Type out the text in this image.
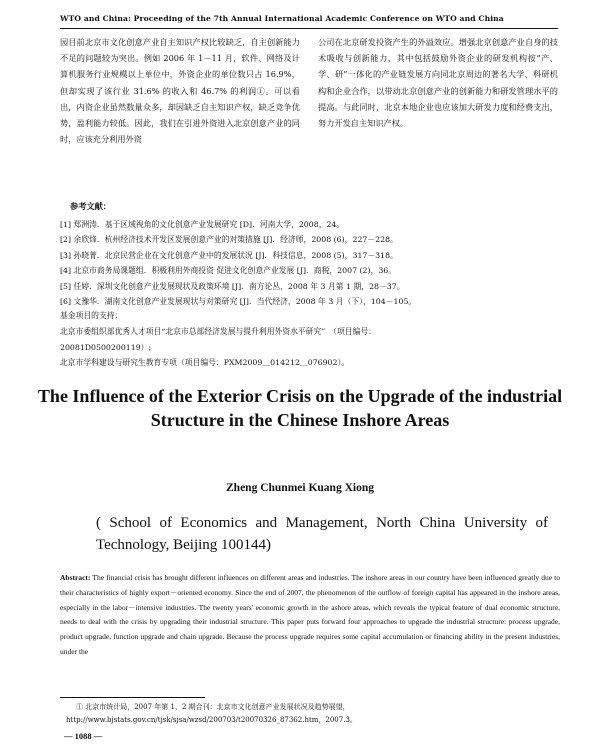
WTO and China: Proceeding of the 7th Annual International Academic Conference on WTO and China

园目前北京市文化创意产业自主知识产权比较缺乏，自主创新能力不足的问题较为突出。例如 2006 年 1－11 月，软件、网络及计算机服务行业规模以上单位中，外资企业的单位数只占 16.9%，但却实现了该行业 31.6% 的收入和 46.7% 的利润①。可以看出，内资企业虽然数量众多，却因缺乏自主知识产权，缺乏竞争优势，盈利能力较低。因此，我们在引进外资进入北京创意产业的同时，应该充分利用外资

公司在北京研发投资产生的外溢效应。增强北京创意产业自身的技术吸收与创新能力，其中包括鼓励外资企业的研发机构按“产、学、研”一体化的产业链发展方向同北京周边的著名大学、科研机构和企业合作，以带动北京创意产业的创新能力和研发管理水平的提高。与此同时，北京本地企业也应该加大研发力度和经费支出，努力开发自主知识产权。

参考文献：
[1] 郑洲涛．基于区域视角的文化创意产业发展研究 [D]．河南大学，2008，24。
[2] 余欣烽．杭州经济技术开发区发展创意产业的对策措施 [J]．经济师，2008 (6)，227－228。
[3] 孙晓菁．北京民营企业在文化创意产业中的发展状况 [J]．科技信息，2008 (5)，317－318。
[4] 北京市商务局课题组．积极利用外商投资 促进文化创意产业发展 [J]．商税，2007 (2)，36。
[5] 任婷．深圳文化创意产业发展现状及政策环境 [J]．南方论丛，2008 年 3 月第 1 期，28－37。
[6] 文豫华．湖南文化创意产业发展现状与对策研究 [J]．当代经济，2008 年 3 月（下），104－105。
基金项目的支持：
北京市委组织部优秀人才项目“北京市总部经济发展与提升利用外资水平研究”　（项目编号：
20081D0500200119）;
北京市学科建设与研究生教育专项（项目编号：PXM2009＿014212＿076902）。
The Influence of the Exterior Crisis on the Upgrade of the industrial Structure in the Chinese Inshore Areas
Zheng Chunmei Kuang Xiong
( School of Economics and Management, North China University of Technology, Beijing 100144)
Abstract: The financial crisis has brought different influences on different areas and industries. The inshore areas in our country have been influenced greatly due to their characteristics of highly export－oriented economy. Since the end of 2007, the phenomenon of the outflow of foreign capital has appeared in the inshore areas, especially in the labor－intensive industries. The twenty years' economic growth in the ashore areas, which reveals the typical feature of dual economic structure, needs to deal with the crisis by upgrading their industrial structure. This paper puts forward four approaches to upgrade the industrial structure: process upgrade, product upgrade, function upgrade and chain upgrade. Because the process upgrade requires some capital accumulation or financing ability in the present industries, under the
① 北京市统计局，2007 年第 1、2 期合刊：北京市文化创意产业发展状况及趋势展望，http://www.bjstats.gov.cn/tjsk/sjsa/wzsd/200703/t20070326_87362.htm，2007.3。
— 1088 —
